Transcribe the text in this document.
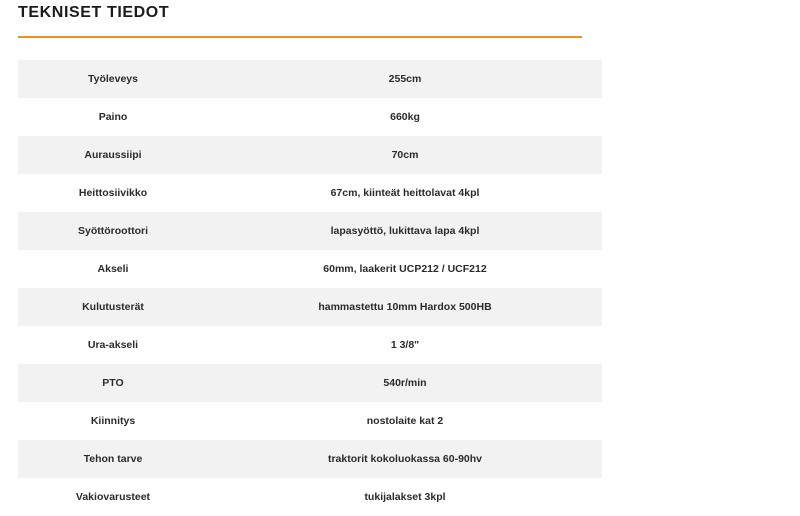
TEKNISET TIEDOT
Työleveys	255cm
Paino	660kg
Auraussiipi	70cm
Heittosiivikko	67cm, kiinteät heittolavat 4kpl
Syöttöroottori	lapasyöttö, lukittava lapa 4kpl
Akseli	60mm, laakerit UCP212 / UCF212
Kulutusterät	hammastettu 10mm Hardox 500HB
Ura-akseli	1 3/8"
PTO	540r/min
Kiinnitys	nostolaite kat 2
Tehon tarve	traktorit kokoluokassa 60-90hv
Vakiovarusteet	tukijalakset 3kpl
